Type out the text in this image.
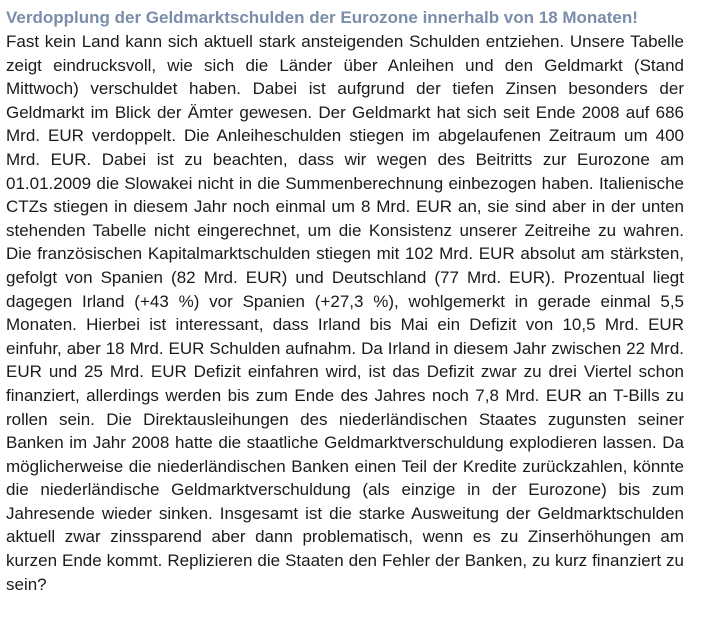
Verdopplung der Geldmarktschulden der Eurozone innerhalb von 18 Monaten!

Fast kein Land kann sich aktuell stark ansteigenden Schulden entziehen. Unsere Tabelle zeigt eindrucksvoll, wie sich die Länder über Anleihen und den Geldmarkt (Stand Mittwoch) verschuldet haben. Dabei ist aufgrund der tiefen Zinsen besonders der Geldmarkt im Blick der Ämter gewesen. Der Geldmarkt hat sich seit Ende 2008 auf 686 Mrd. EUR verdoppelt. Die Anleiheschulden stiegen im abgelaufenen Zeitraum um 400 Mrd. EUR. Dabei ist zu beachten, dass wir wegen des Beitritts zur Eurozone am 01.01.2009 die Slowakei nicht in die Summenberechnung einbezogen haben. Italienische CTZs stiegen in diesem Jahr noch einmal um 8 Mrd. EUR an, sie sind aber in der unten stehenden Tabelle nicht eingerechnet, um die Konsistenz unserer Zeitreihe zu wahren. Die französischen Kapitalmarktschulden stiegen mit 102 Mrd. EUR absolut am stärksten, gefolgt von Spanien (82 Mrd. EUR) und Deutschland (77 Mrd. EUR). Prozentual liegt dagegen Irland (+43 %) vor Spanien (+27,3 %), wohlgemerkt in gerade einmal 5,5 Monaten. Hierbei ist interessant, dass Irland bis Mai ein Defizit von 10,5 Mrd. EUR einfuhr, aber 18 Mrd. EUR Schulden aufnahm. Da Irland in diesem Jahr zwischen 22 Mrd. EUR und 25 Mrd. EUR Defizit einfahren wird, ist das Defizit zwar zu drei Viertel schon finanziert, allerdings werden bis zum Ende des Jahres noch 7,8 Mrd. EUR an T-Bills zu rollen sein. Die Direktausleihungen des niederländischen Staates zugunsten seiner Banken im Jahr 2008 hatte die staatliche Geldmarktverschuldung explodieren lassen. Da möglicherweise die niederländischen Banken einen Teil der Kredite zurückzahlen, könnte die niederländische Geldmarktverschuldung (als einzige in der Eurozone) bis zum Jahresende wieder sinken. Insgesamt ist die starke Ausweitung der Geldmarktschulden aktuell zwar zinssparend aber dann problematisch, wenn es zu Zinserhöhungen am kurzen Ende kommt. Replizieren die Staaten den Fehler der Banken, zu kurz finanziert zu sein?
